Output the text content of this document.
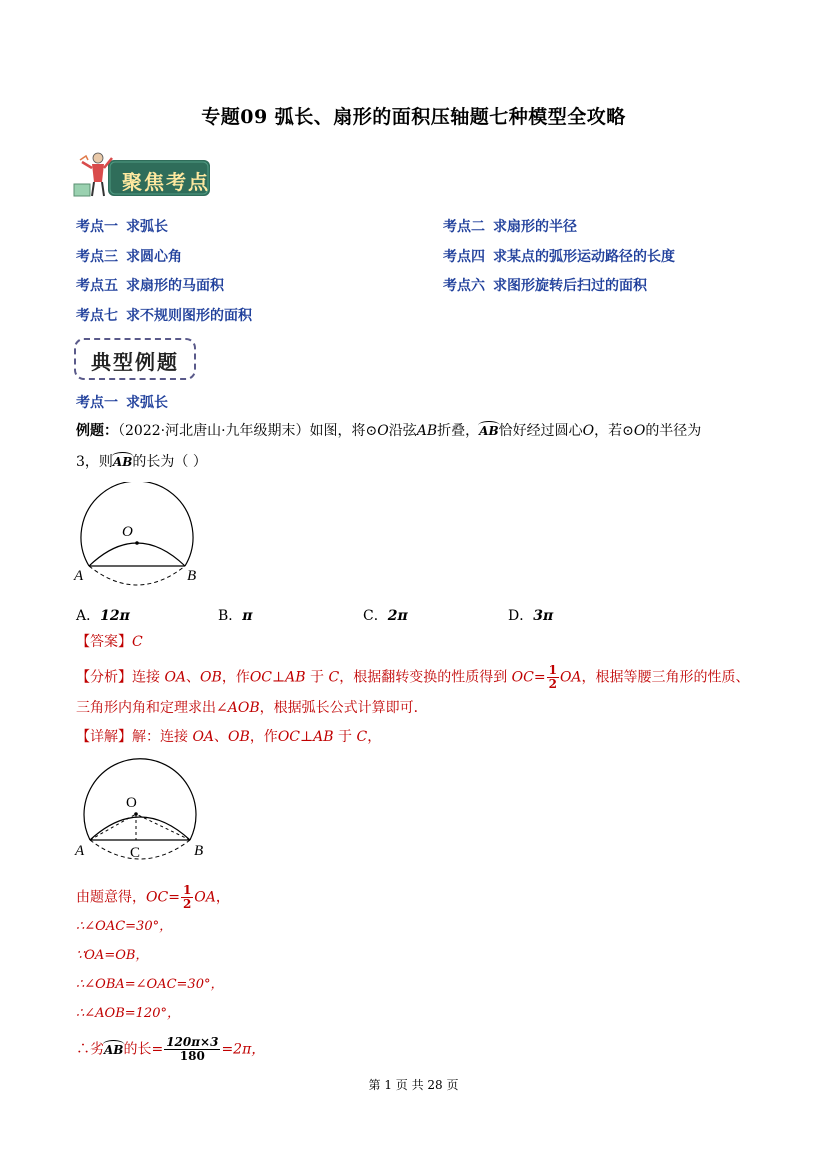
专题09 弧长、扇形的面积压轴题七种模型全攻略
聚焦考点
考点一 求弧长	考点二 求扇形的半径
考点三 求圆心角	考点四 求某点的弧形运动路径的长度
考点五 求扇形的马面积	考点六 求图形旋转后扫过的面积
考点七 求不规则图形的面积
典型例题
考点一 求弧长
例题：（2022·河北唐山·九年级期末）如图，将⊙O沿弦AB折叠，AB恰好经过圆心O，若⊙O的半径为
3，则AB的长为（ ）
O
A	B
A．12π	B．π	C．2π	D．3π
【答案】C
【分析】连接 OA、OB，作OC⊥AB 于 C，根据翻转变换的性质得到 $OC= \frac{1}{2}$ OA，根据等腰三角形的性质、
三角形内角和定理求出∠AOB，根据弧长公式计算即可．
【详解】解：连接 OA、OB，作OC⊥AB 于 C，
O
A	C	B
由题意得，$OC= \frac{1}{2}$ OA，
∴∠OAC=30°，
∵OA=OB，
∴∠OBA=∠OAC=30°，
∴∠AOB=120°，
∴劣AB的长= $\frac{120\pi\times 3}{180} =2\pi$，
第 1 页 共 28 页
